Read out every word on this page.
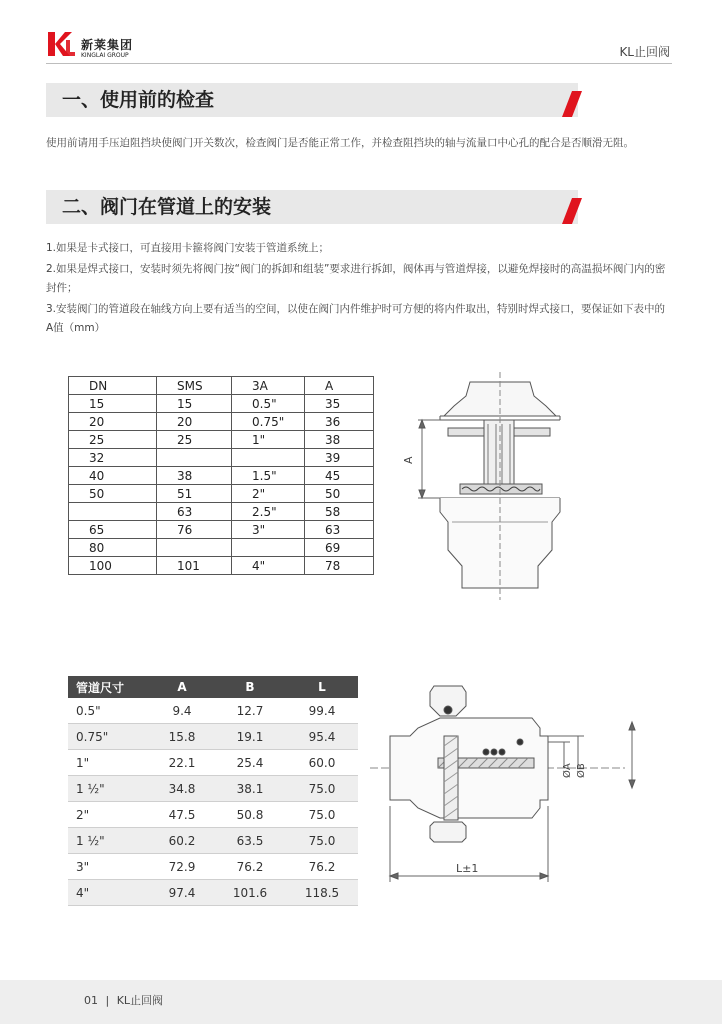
新莱集团
KINGLAI GROUP	KL止回阀
一、使用前的检查
使用前请用手压迫阻挡块使阀门开关数次，检查阀门是否能正常工作，并检查阻挡块的轴与流量口中心孔的配合是否顺滑无阻。
二、阀门在管道上的安装
1.如果是卡式接口，可直接用卡箍将阀门安装于管道系统上；
2.如果是焊式接口，安装时须先将阀门按“阀门的拆卸和组装”要求进行拆卸，阀体再与管道焊接，以避免焊接时的高温损坏阀门内的密封件；
3.安装阀门的管道段在轴线方向上要有适当的空间，以使在阀门内件维护时可方便的将内件取出，特别时焊式接口，要保证如下表中的A值（mm）
DN	SMS	3A	A
15	15	0.5"	35
20	20	0.75"	36
25	25	1"	38
32			39
40	38	1.5"	45
50	51	2"	50
	63	2.5"	58
65	76	3"	63
80			69
100	101	4"	78
A
管道尺寸	A	B	L
0.5"	9.4	12.7	99.4
0.75"	15.8	19.1	95.4
1"	22.1	25.4	60.0
1 ½"	34.8	38.1	75.0
2"	47.5	50.8	75.0
1 ½"	60.2	63.5	75.0
3"	72.9	76.2	76.2
4"	97.4	101.6	118.5
ØA ØB
L±1
01 | KL止回阀
